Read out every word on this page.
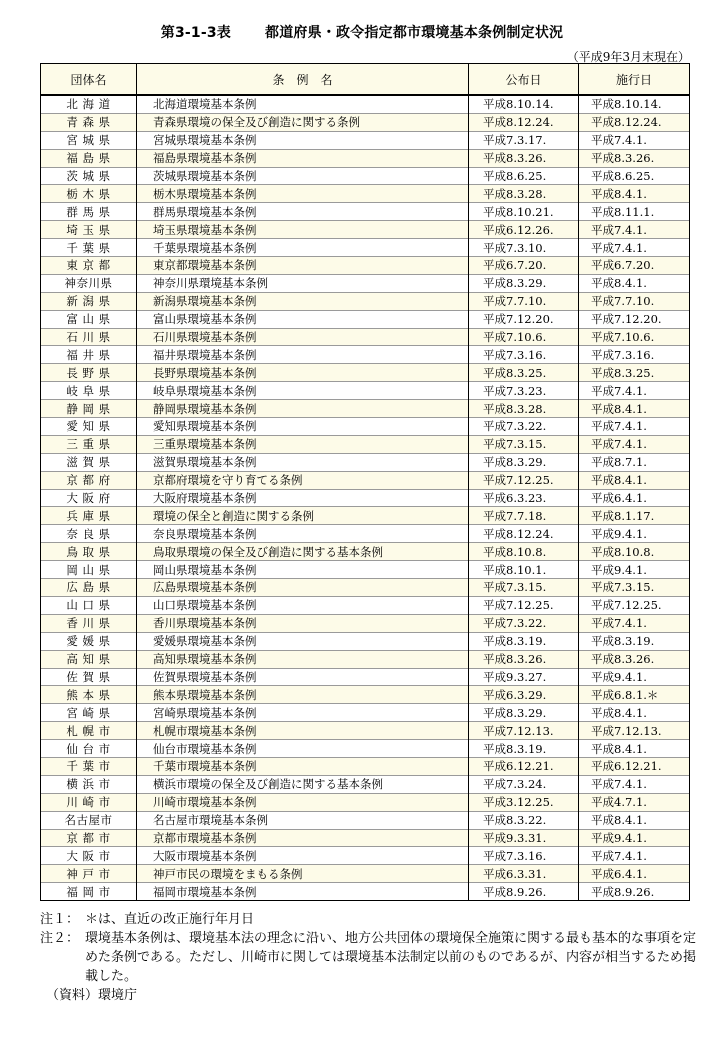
第3-1-3表 都道府県・政令指定都市環境基本条例制定状況
（平成9年3月末現在）
団体名	条　例　名	公布日	施行日
北 海 道	北海道環境基本条例	平成8.10.14.	平成8.10.14.
青 森 県	青森県環境の保全及び創造に関する条例	平成8.12.24.	平成8.12.24.
宮 城 県	宮城県環境基本条例	平成7.3.17.	平成7.4.1.
福 島 県	福島県環境基本条例	平成8.3.26.	平成8.3.26.
茨 城 県	茨城県環境基本条例	平成8.6.25.	平成8.6.25.
栃 木 県	栃木県環境基本条例	平成8.3.28.	平成8.4.1.
群 馬 県	群馬県環境基本条例	平成8.10.21.	平成8.11.1.
埼 玉 県	埼玉県環境基本条例	平成6.12.26.	平成7.4.1.
千 葉 県	千葉県環境基本条例	平成7.3.10.	平成7.4.1.
東 京 都	東京都環境基本条例	平成6.7.20.	平成6.7.20.
神奈川県	神奈川県環境基本条例	平成8.3.29.	平成8.4.1.
新 潟 県	新潟県環境基本条例	平成7.7.10.	平成7.7.10.
富 山 県	富山県環境基本条例	平成7.12.20.	平成7.12.20.
石 川 県	石川県環境基本条例	平成7.10.6.	平成7.10.6.
福 井 県	福井県環境基本条例	平成7.3.16.	平成7.3.16.
長 野 県	長野県環境基本条例	平成8.3.25.	平成8.3.25.
岐 阜 県	岐阜県環境基本条例	平成7.3.23.	平成7.4.1.
静 岡 県	静岡県環境基本条例	平成8.3.28.	平成8.4.1.
愛 知 県	愛知県環境基本条例	平成7.3.22.	平成7.4.1.
三 重 県	三重県環境基本条例	平成7.3.15.	平成7.4.1.
滋 賀 県	滋賀県環境基本条例	平成8.3.29.	平成8.7.1.
京 都 府	京都府環境を守り育てる条例	平成7.12.25.	平成8.4.1.
大 阪 府	大阪府環境基本条例	平成6.3.23.	平成6.4.1.
兵 庫 県	環境の保全と創造に関する条例	平成7.7.18.	平成8.1.17.
奈 良 県	奈良県環境基本条例	平成8.12.24.	平成9.4.1.
鳥 取 県	鳥取県環境の保全及び創造に関する基本条例	平成8.10.8.	平成8.10.8.
岡 山 県	岡山県環境基本条例	平成8.10.1.	平成9.4.1.
広 島 県	広島県環境基本条例	平成7.3.15.	平成7.3.15.
山 口 県	山口県環境基本条例	平成7.12.25.	平成7.12.25.
香 川 県	香川県環境基本条例	平成7.3.22.	平成7.4.1.
愛 媛 県	愛媛県環境基本条例	平成8.3.19.	平成8.3.19.
高 知 県	高知県環境基本条例	平成8.3.26.	平成8.3.26.
佐 賀 県	佐賀県環境基本条例	平成9.3.27.	平成9.4.1.
熊 本 県	熊本県環境基本条例	平成6.3.29.	平成6.8.1.＊
宮 崎 県	宮崎県環境基本条例	平成8.3.29.	平成8.4.1.
札 幌 市	札幌市環境基本条例	平成7.12.13.	平成7.12.13.
仙 台 市	仙台市環境基本条例	平成8.3.19.	平成8.4.1.
千 葉 市	千葉市環境基本条例	平成6.12.21.	平成6.12.21.
横 浜 市	横浜市環境の保全及び創造に関する基本条例	平成7.3.24.	平成7.4.1.
川 崎 市	川崎市環境基本条例	平成3.12.25.	平成4.7.1.
名古屋市	名古屋市環境基本条例	平成8.3.22.	平成8.4.1.
京 都 市	京都市環境基本条例	平成9.3.31.	平成9.4.1.
大 阪 市	大阪市環境基本条例	平成7.3.16.	平成7.4.1.
神 戸 市	神戸市民の環境をまもる条例	平成6.3.31.	平成6.4.1.
福 岡 市	福岡市環境基本条例	平成8.9.26.	平成8.9.26.
注１： ＊は、直近の改正施行年月日
注２： 環境基本条例は、環境基本法の理念に沿い、地方公共団体の環境保全施策に関する最も基本的な事項を定めた条例である。ただし、川崎市に関しては環境基本法制定以前のものであるが、内容が相当するため掲載した。
（資料）環境庁
